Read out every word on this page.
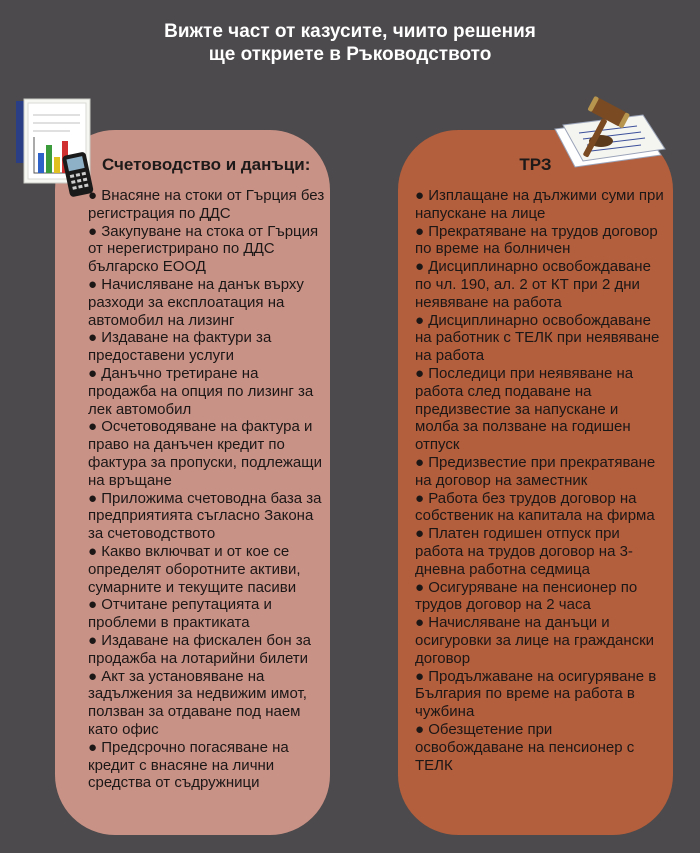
Вижте част от казусите, чиито решения
ще откриете в Ръководството
Счетоводство и данъци:
● Внасяне на стоки от Гърция без регистрация по ДДС
● Закупуване на стока от Гърция от нерегистрирано по ДДС българско ЕООД
● Начисляване на данък върху разходи за експлоатация на автомобил на лизинг
● Издаване на фактури за предоставени услуги
● Данъчно третиране на продажба на опция по лизинг за лек автомобил
● Осчетоводяване на фактура и право на данъчен кредит по фактура за пропуски, подлежащи на връщане
● Приложима счетоводна база за предприятията съгласно Закона за счетоводството
● Какво включват и от кое се определят оборотните активи, сумарните и текущите пасиви
● Отчитане репутацията и проблеми в практиката
● Издаване на фискален бон за продажба на лотарийни билети
● Акт за установяване на задължения за недвижим имот, ползван за отдаване под наем като офис
● Предсрочно погасяване на кредит с внасяне на лични средства от съдружници
ТРЗ
● Изплащане на дължими суми при напускане на лице
● Прекратяване на трудов договор по време на болничен
● Дисциплинарно освобождаване по чл. 190, ал. 2 от КТ при 2 дни неявяване на работа
● Дисциплинарно освобождаване на работник с ТЕЛК при неявяване на работа
● Последици при неявяване на работа след подаване на предизвестие за напускане и молба за ползване на годишен отпуск
● Предизвестие при прекратяване на договор на заместник
● Работа без трудов договор на собственик на капитала на фирма
● Платен годишен отпуск при работа на трудов договор на 3-дневна работна седмица
● Осигуряване на пенсионер по трудов договор на 2 часа
● Начисляване на данъци и осигуровки за лице на граждански договор
● Продължаване на осигуряване в България по време на работа в чужбина
● Обезщетение при освобождаване на пенсионер с ТЕЛК
